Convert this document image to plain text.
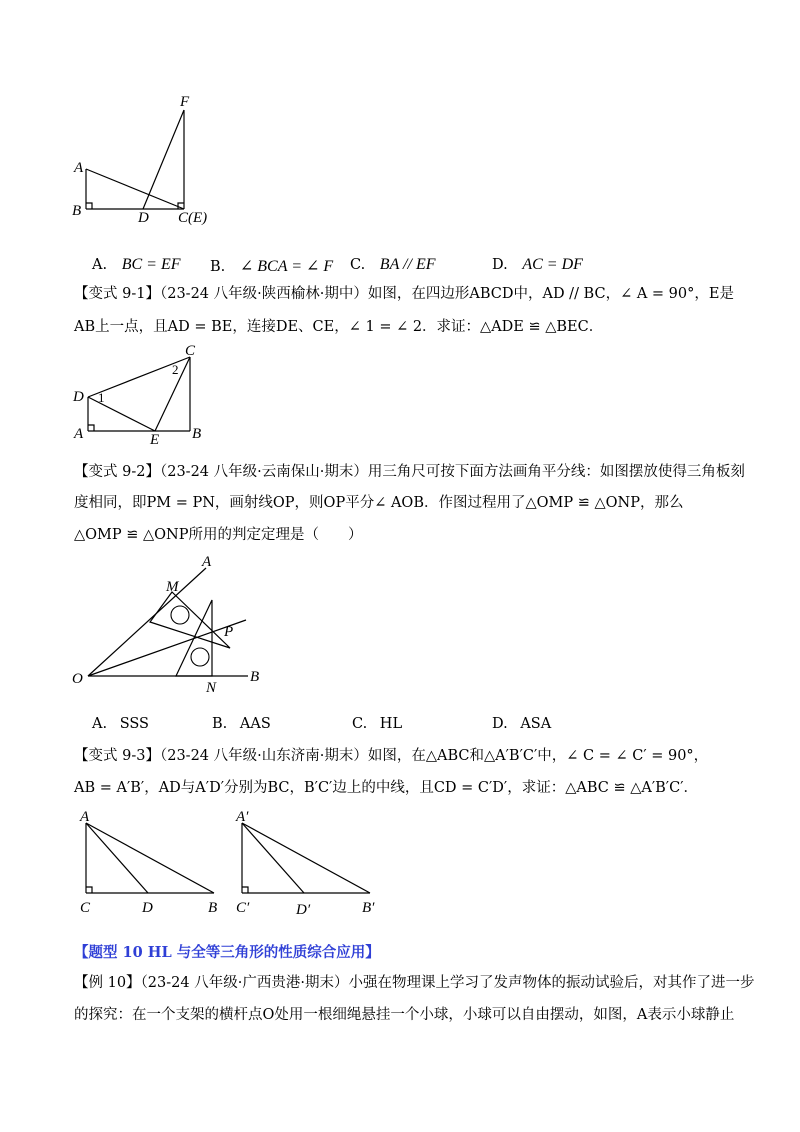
A
B
F
D C(E)
A. BC = EF B. ∠ BCA = ∠ F C. BA // EF	D. AC = DF
【变式 9-1】（23-24 八年级·陕西榆林·期中）如图，在四边形ABCD中，AD // BC，∠ A = 90°，E是
AB上一点，且AD = BE，连接DE、CE，∠ 1 = ∠ 2．求证：△ADE ≌ △BEC．
C
2
D 1
A	E B
【变式 9-2】（23-24 八年级·云南保山·期末）用三角尺可按下面方法画角平分线：如图摆放使得三角板刻
度相同，即PM = PN，画射线OP，则OP平分∠ AOB．作图过程用了△OMP ≌ △ONP，那么
△OMP ≌ △ONP所用的判定定理是（　　）
A
M
P
O
N
B
A. SSS	B. AAS	C. HL	D. ASA
【变式 9-3】（23-24 八年级·山东济南·期末）如图，在△ABC和△A′B′C′中，∠ C = ∠ C′ = 90°，
AB = A′B′，AD与A′D′分别为BC，B′C′边上的中线，且CD = C′D′，求证：△ABC ≌ △A′B′C′．
A
C	D	B
A′
C′	D′	B′
【题型 10 HL 与全等三角形的性质综合应用】
【例 10】（23-24 八年级·广西贵港·期末）小强在物理课上学习了发声物体的振动试验后，对其作了进一步
的探究：在一个支架的横杆点O处用一根细绳悬挂一个小球，小球可以自由摆动，如图，A表示小球静止
